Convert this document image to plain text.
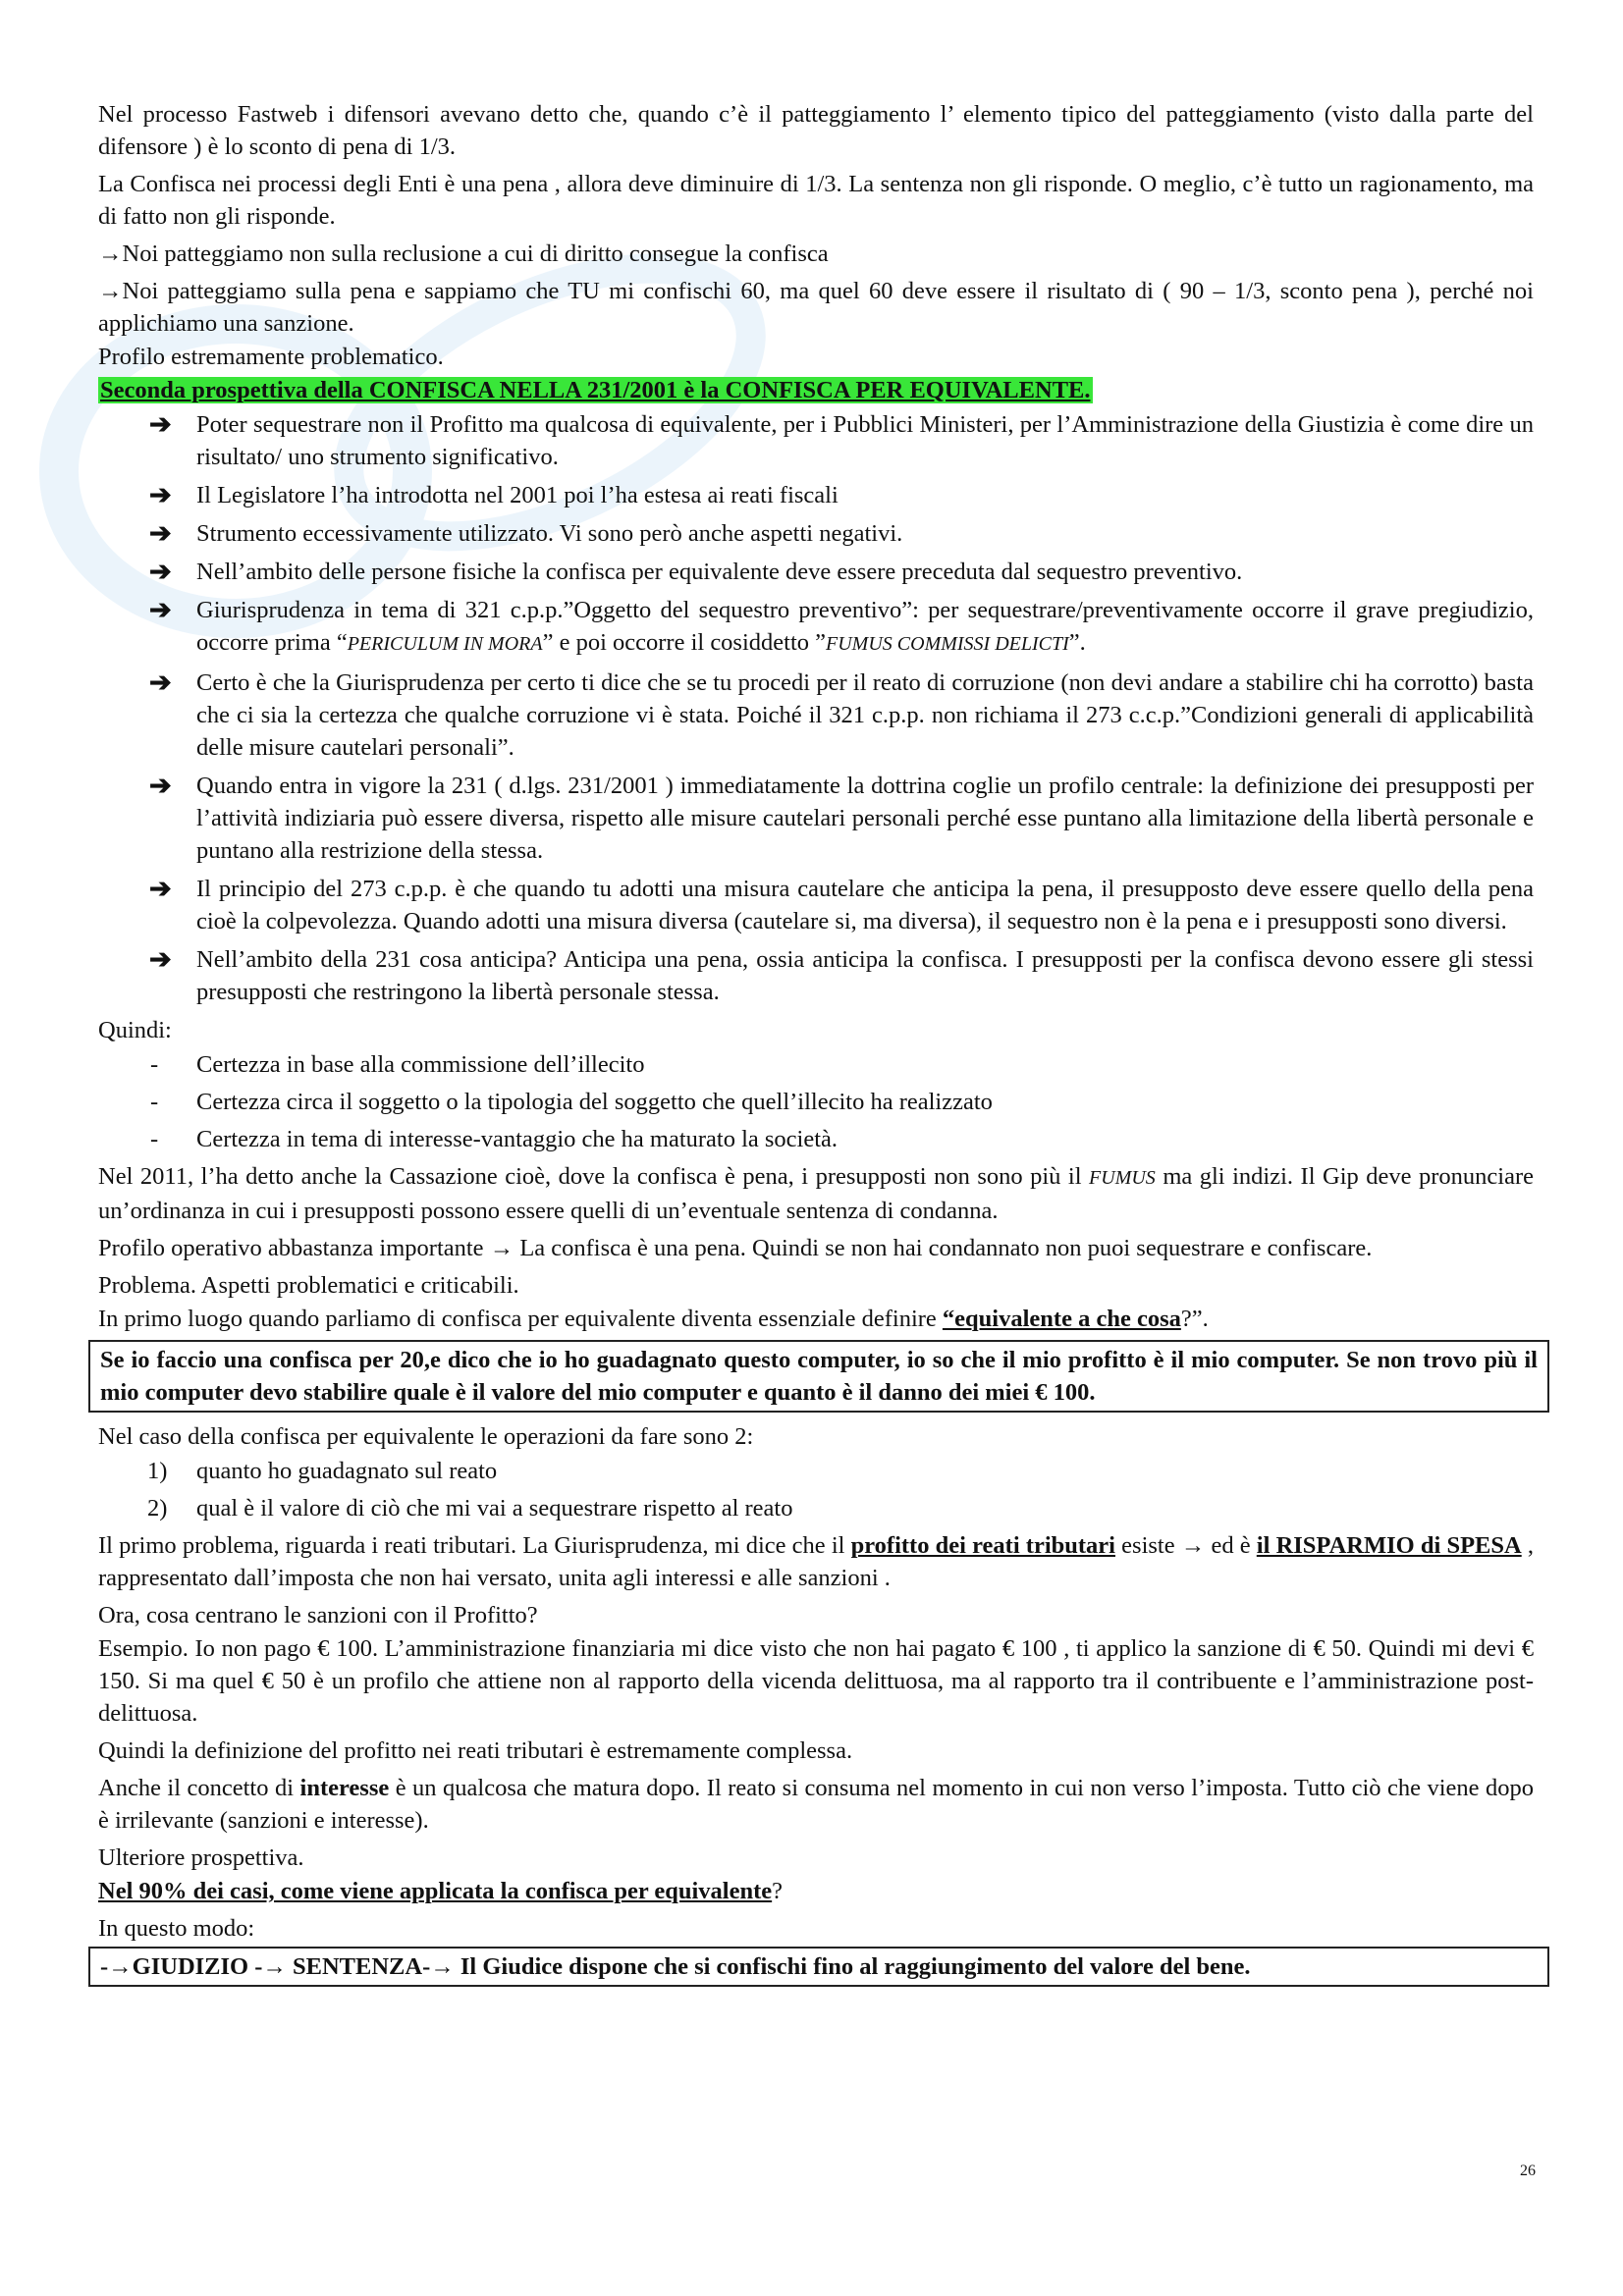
Nel processo Fastweb i difensori avevano detto che, quando c’è il patteggiamento l’ elemento tipico del patteggiamento (visto dalla parte del difensore ) è lo sconto di pena di 1/3.

La Confisca nei processi degli Enti è una pena , allora deve diminuire di 1/3. La sentenza non gli risponde. O meglio, c’è tutto un ragionamento, ma di fatto non gli risponde.

→Noi patteggiamo non sulla reclusione a cui di diritto consegue la confisca

→Noi patteggiamo sulla pena e sappiamo che TU mi confischi 60, ma quel 60 deve essere il risultato di ( 90 – 1/3, sconto pena ), perché noi applichiamo una sanzione.

Profilo estremamente problematico.

Seconda prospettiva della CONFISCA NELLA 231/2001 è la CONFISCA PER EQUIVALENTE.

➔ Poter sequestrare non il Profitto ma qualcosa di equivalente, per i Pubblici Ministeri, per l’Amministrazione della Giustizia è come dire un risultato/ uno strumento significativo.
➔ Il Legislatore l’ha introdotta nel 2001 poi l’ha estesa ai reati fiscali
➔ Strumento eccessivamente utilizzato. Vi sono però anche aspetti negativi.
➔ Nell’ambito delle persone fisiche la confisca per equivalente deve essere preceduta dal sequestro preventivo.
➔ Giurisprudenza in tema di 321 c.p.p.”Oggetto del sequestro preventivo”: per sequestrare/preventivamente occorre il grave pregiudizio, occorre prima “PERICULUM IN MORA” e poi occorre il cosiddetto ”FUMUS COMMISSI DELICTI”.
➔ Certo è che la Giurisprudenza per certo ti dice che se tu procedi per il reato di corruzione (non devi andare a stabilire chi ha corrotto) basta che ci sia la certezza che qualche corruzione vi è stata. Poiché il 321 c.p.p. non richiama il 273 c.c.p.”Condizioni generali di applicabilità delle misure cautelari personali”.
➔ Quando entra in vigore la 231 ( d.lgs. 231/2001 ) immediatamente la dottrina coglie un profilo centrale: la definizione dei presupposti per l’attività indiziaria può essere diversa, rispetto alle misure cautelari personali perché esse puntano alla limitazione della libertà personale e puntano alla restrizione della stessa.
➔ Il principio del 273 c.p.p. è che quando tu adotti una misura cautelare che anticipa la pena, il presupposto deve essere quello della pena cioè la colpevolezza. Quando adotti una misura diversa (cautelare si, ma diversa), il sequestro non è la pena e i presupposti sono diversi.
➔ Nell’ambito della 231 cosa anticipa? Anticipa una pena, ossia anticipa la confisca. I presupposti per la confisca devono essere gli stessi presupposti che restringono la libertà personale stessa.

Quindi:

- Certezza in base alla commissione dell’illecito
- Certezza circa il soggetto o la tipologia del soggetto che quell’illecito ha realizzato
- Certezza in tema di interesse-vantaggio che ha maturato la società.

Nel 2011, l’ha detto anche la Cassazione cioè, dove la confisca è pena, i presupposti non sono più il FUMUS ma gli indizi. Il Gip deve pronunciare un’ordinanza in cui i presupposti possono essere quelli di un’eventuale sentenza di condanna.

Profilo operativo abbastanza importante → La confisca è una pena. Quindi se non hai condannato non puoi sequestrare e confiscare.

Problema. Aspetti problematici e criticabili.

In primo luogo quando parliamo di confisca per equivalente diventa essenziale definire “equivalente a che cosa?”.

Se io faccio una confisca per 20,e dico che io ho guadagnato questo computer, io so che il mio profitto è il mio computer. Se non trovo più il mio computer devo stabilire quale è il valore del mio computer e quanto è il danno dei miei € 100.

Nel caso della confisca per equivalente le operazioni da fare sono 2:

1) quanto ho guadagnato sul reato
2) qual è il valore di ciò che mi vai a sequestrare rispetto al reato

Il primo problema, riguarda i reati tributari. La Giurisprudenza, mi dice che il profitto dei reati tributari esiste → ed è il RISPARMIO di SPESA , rappresentato dall’imposta che non hai versato, unita agli interessi e alle sanzioni .

Ora, cosa centrano le sanzioni con il Profitto?

Esempio. Io non pago € 100. L’amministrazione finanziaria mi dice visto che non hai pagato € 100 , ti applico la sanzione di € 50. Quindi mi devi € 150. Si ma quel € 50 è un profilo che attiene non al rapporto della vicenda delittuosa, ma al rapporto tra il contribuente e l’amministrazione post-delittuosa.

Quindi la definizione del profitto nei reati tributari è estremamente complessa.

Anche il concetto di interesse è un qualcosa che matura dopo. Il reato si consuma nel momento in cui non verso l’imposta. Tutto ciò che viene dopo è irrilevante (sanzioni e interesse).

Ulteriore prospettiva.

Nel 90% dei casi, come viene applicata la confisca per equivalente?

In questo modo:

-→GIUDIZIO -→ SENTENZA-→ Il Giudice dispone che si confischi fino al raggiungimento del valore del bene.
26
